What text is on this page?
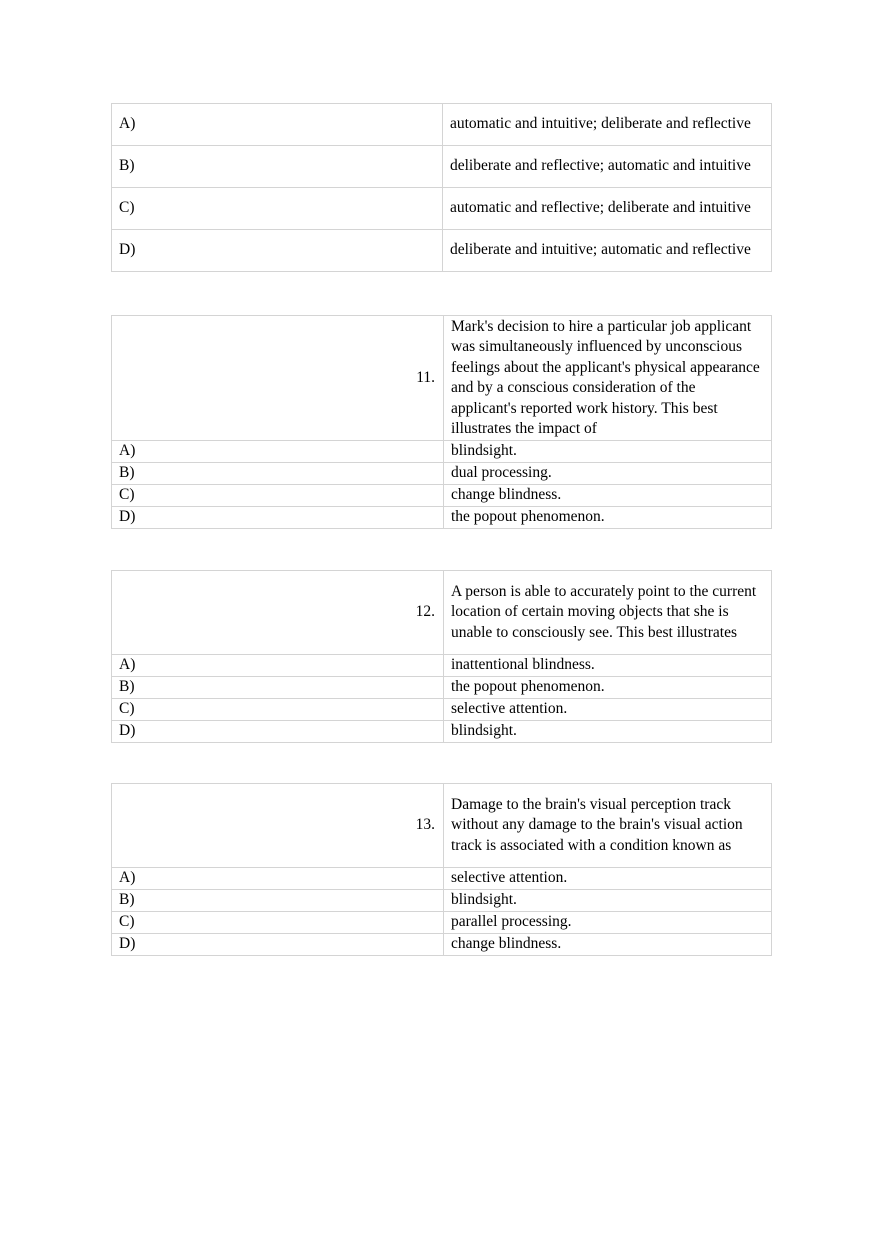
A)	automatic and intuitive; deliberate and reflective
B)	deliberate and reflective; automatic and intuitive
C)	automatic and reflective; deliberate and intuitive
D)	deliberate and intuitive; automatic and reflective
11.	Mark's decision to hire a particular job applicant was simultaneously influenced by unconscious feelings about the applicant's physical appearance and by a conscious consideration of the applicant's reported work history. This best illustrates the impact of
A)	blindsight.
B)	dual processing.
C)	change blindness.
D)	the popout phenomenon.
12.	A person is able to accurately point to the current location of certain moving objects that she is unable to consciously see. This best illustrates
A)	inattentional blindness.
B)	the popout phenomenon.
C)	selective attention.
D)	blindsight.
13.	Damage to the brain's visual perception track without any damage to the brain's visual action track is associated with a condition known as
A)	selective attention.
B)	blindsight.
C)	parallel processing.
D)	change blindness.
